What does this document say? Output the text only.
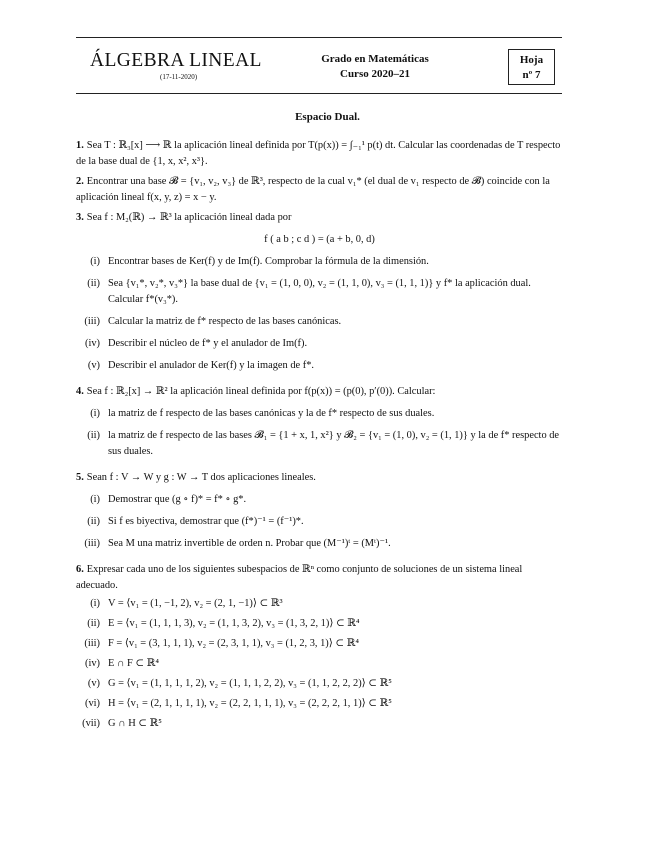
ÁLGEBRA LINEAL
(17-11-2020)
Grado en Matemáticas
Curso 2020–21
Hoja
nº 7
Espacio Dual.
1. Sea T : ℝ₃[x] ⟶ ℝ la aplicación lineal definida por T(p(x)) = ∫₋₁¹ p(t) dt. Calcular las coordenadas de T respecto de la base dual de {1, x, x², x³}.
2. Encontrar una base 𝓑 = {v₁, v₂, v₃} de ℝ³, respecto de la cual v₁* (el dual de v₁ respecto de 𝓑) coincide con la aplicación lineal f(x, y, z) = x − y.
3. Sea f : M₂(ℝ) → ℝ³ la aplicación lineal dada por
f ( a b ; c d ) = (a + b, 0, d)
(i) Encontrar bases de Ker(f) y de Im(f). Comprobar la fórmula de la dimensión.
(ii) Sea {v₁*, v₂*, v₃*} la base dual de {v₁ = (1, 0, 0), v₂ = (1, 1, 0), v₃ = (1, 1, 1)} y f* la aplicación dual. Calcular f*(v₃*).
(iii) Calcular la matriz de f* respecto de las bases canónicas.
(iv) Describir el núcleo de f* y el anulador de Im(f).
(v) Describir el anulador de Ker(f) y la imagen de f*.
4. Sea f : ℝ₂[x] → ℝ² la aplicación lineal definida por f(p(x)) = (p(0), p′(0)). Calcular:
(i) la matriz de f respecto de las bases canónicas y la de f* respecto de sus duales.
(ii) la matriz de f respecto de las bases 𝓑₁ = {1 + x, 1, x²} y 𝓑₂ = {v₁ = (1, 0), v₂ = (1, 1)} y la de f* respecto de sus duales.
5. Sean f : V → W y g : W → T dos aplicaciones lineales.
(i) Demostrar que (g ∘ f)* = f* ∘ g*.
(ii) Si f es biyectiva, demostrar que (f*)⁻¹ = (f⁻¹)*.
(iii) Sea M una matriz invertible de orden n. Probar que (M⁻¹)ᵗ = (Mᵗ)⁻¹.
6. Expresar cada uno de los siguientes subespacios de ℝⁿ como conjunto de soluciones de un sistema lineal adecuado.
(i) V = ⟨v₁ = (1, −1, 2), v₂ = (2, 1, −1)⟩ ⊂ ℝ³
(ii) E = ⟨v₁ = (1, 1, 1, 3), v₂ = (1, 1, 3, 2), v₃ = (1, 3, 2, 1)⟩ ⊂ ℝ⁴
(iii) F = ⟨v₁ = (3, 1, 1, 1), v₂ = (2, 3, 1, 1), v₃ = (1, 2, 3, 1)⟩ ⊂ ℝ⁴
(iv) E ∩ F ⊂ ℝ⁴
(v) G = ⟨v₁ = (1, 1, 1, 1, 2), v₂ = (1, 1, 1, 2, 2), v₃ = (1, 1, 2, 2, 2)⟩ ⊂ ℝ⁵
(vi) H = ⟨v₁ = (2, 1, 1, 1, 1), v₂ = (2, 2, 1, 1, 1), v₃ = (2, 2, 2, 1, 1)⟩ ⊂ ℝ⁵
(vii) G ∩ H ⊂ ℝ⁵
